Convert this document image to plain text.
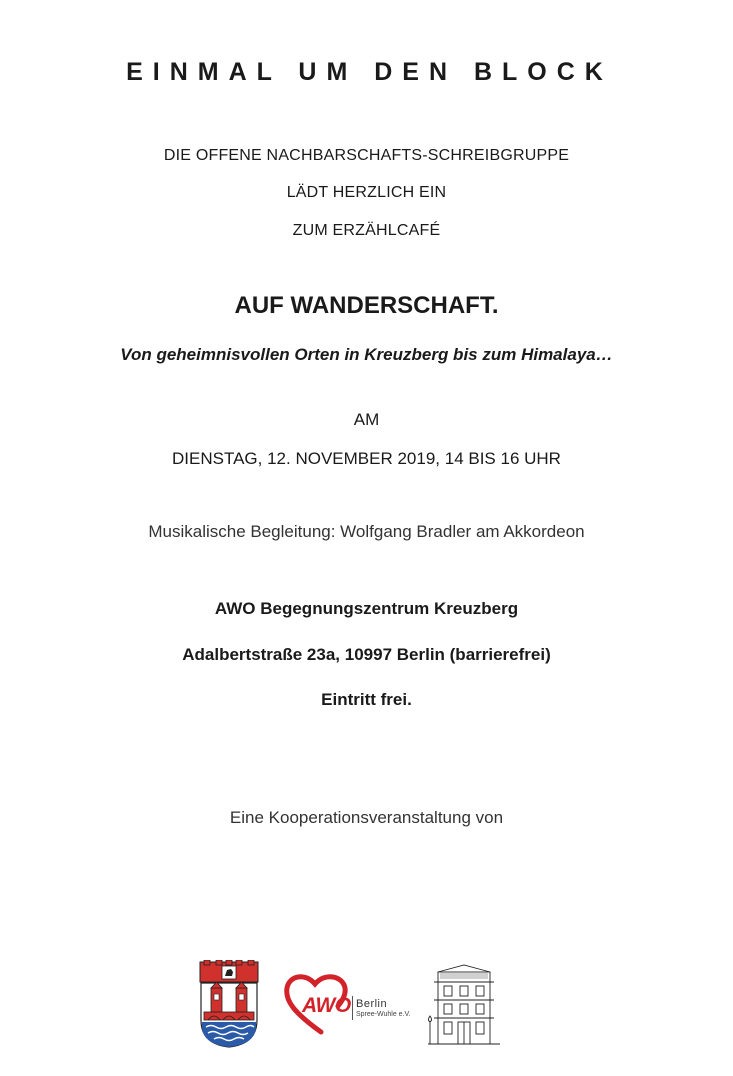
EINMAL UM DEN BLOCK
DIE OFFENE NACHBARSCHAFTS-SCHREIBGRUPPE
LÄDT HERZLICH EIN
ZUM ERZÄHLCAFÉ
AUF WANDERSCHAFT.
Von geheimnisvollen Orten in Kreuzberg bis zum Himalaya…
AM
DIENSTAG, 12. NOVEMBER 2019, 14 BIS 16 UHR
Musikalische Begleitung: Wolfgang Bradler am Akkordeon
AWO Begegnungszentrum Kreuzberg
Adalbertstraße 23a, 10997 Berlin (barrierefrei)
Eintritt frei.
Eine Kooperationsveranstaltung von
AWO Berlin
Spree-Wuhle e.V.
